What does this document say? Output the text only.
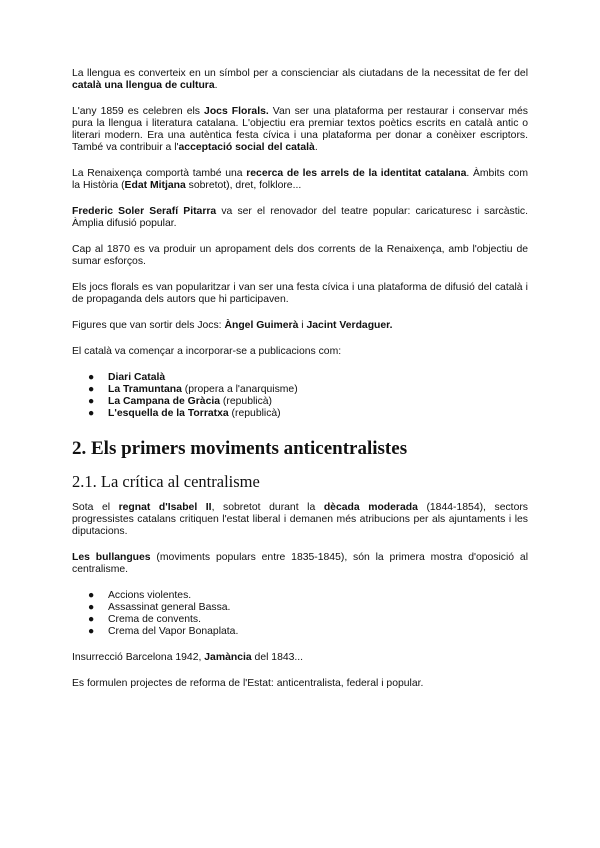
La llengua es converteix en un símbol per a conscienciar als ciutadans de la necessitat de fer del català una llengua de cultura.

L'any 1859 es celebren els Jocs Florals. Van ser una plataforma per restaurar i conservar més pura la llengua i literatura catalana. L'objectiu era premiar textos poètics escrits en català antic o literari modern. Era una autèntica festa cívica i una plataforma per donar a conèixer escriptors. També va contribuir a l'acceptació social del català.

La Renaixença comportà també una recerca de les arrels de la identitat catalana. Àmbits com la Història (Edat Mitjana sobretot), dret, folklore...

Frederic Soler Serafí Pitarra va ser el renovador del teatre popular: caricaturesc i sarcàstic. Àmplia difusió popular.

Cap al 1870 es va produir un apropament dels dos corrents de la Renaixença, amb l'objectiu de sumar esforços.

Els jocs florals es van popularitzar i van ser una festa cívica i una plataforma de difusió del català i de propaganda dels autors que hi participaven.

Figures que van sortir dels Jocs: Àngel Guimerà i Jacint Verdaguer.

El català va començar a incorporar-se a publicacions com:

● Diari Català
● La Tramuntana (propera a l'anarquisme)
● La Campana de Gràcia (republicà)
● L'esquella de la Torratxa (republicà)
2. Els primers moviments anticentralistes
2.1. La crítica al centralisme

Sota el regnat d'Isabel II, sobretot durant la dècada moderada (1844-1854), sectors progressistes catalans critiquen l'estat liberal i demanen més atribucions per als ajuntaments i les diputacions.

Les bullangues (moviments populars entre 1835-1845), són la primera mostra d'oposició al centralisme.

● Accions violentes.
● Assassinat general Bassa.
● Crema de convents.
● Crema del Vapor Bonaplata.

Insurrecció Barcelona 1942, Jamància del 1843...

Es formulen projectes de reforma de l'Estat: anticentralista, federal i popular.
